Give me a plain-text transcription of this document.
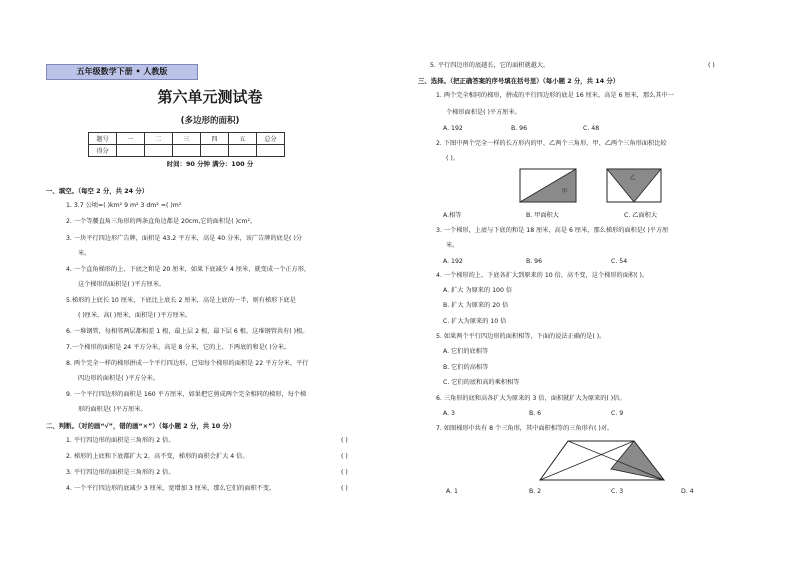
五年级数学下册 • 人教版
第六单元测试卷
(多边形的面积)
题号	一	二	三	四	五	总分
得分						
时间：90 分钟 满分：100 分
一、填空。（每空 2 分，共 24 分）
1. 3.7 公顷=( )km² 9 m² 3 dm² =( )m²
2. 一个等腰直角三角形的两条直角边都是 20cm,它的面积是( )cm²。
3. 一块平行四边形广告牌，面积是 43.2 平方米，高是 40 分米，该广告牌的底是( )分
米。
4. 一个直角梯形的上、下底之和是 20 厘米，如果下底减少 4 厘米，就变成一个正方形，
这个梯形的面积是( )平方厘米。
5.梯形的上底长 10 厘米，下底比上底长 2 厘米，高是上底的一半，则有梯形下底是
( )厘米，高( )厘米，面积是( )平方厘米。
6. 一堆钢管，每相邻两层都相差 1 根，最上层 2 根，最下层 6 根，这堆钢管共有( )根。
7.一个梯形的面积是 24 平方分米，高是 8 分米，它的上、下两底的和是( )分米。
8. 两个完全一样的梯形拼成一个平行四边形，已知每个梯形的面积是 22 平方分米，平行
四边形的面积是( )平方分米。
9. 一个平行四边形的面积是 160 平方厘米，如果把它剪成两个完全相同的梯形，每个梯
形的面积是( )平方厘米。
二、判断。（对的画“√”，错的画“×”）（每小题 2 分，共 10 分）
1. 平行四边形的面积是三角形的 2 倍。	( )
2. 梯形的上底和下底都扩大 2，高不变，梯形的面积会扩大 4 倍。	( )
3. 平行四边形的面积是三角形的 2 倍。	( )
4. 一个平行四边形的底减少 3 厘米，宽增加 3 厘米，那么它们的面积不变。	( )
5. 平行四边形的底越长，它的面积就越大。	( )
三、选择。（把正确答案的序号填在括号里）（每小题 2 分，共 14 分）
1. 两个完全相同的梯形，拼成的平行四边形的底是 16 厘米，高是 6 厘米，那么其中一
个梯形面积是( )平方厘米。
A. 192	B. 96	C. 48
2. 下图中两个完全一样的长方形内的甲、乙两个三角形，甲、乙两个三角形面积比较
( )。
甲
乙
A.相等	B. 甲面积大	C. 乙面积大
3. 一个梯形，上底与下底的和是 18 厘米，高是 6 厘米，那么梯形的面积是( )平方厘
米。
A. 192	B. 96	C. 54
4. 一个梯形的上、下底各扩大到原来的 10 倍，高不变，这个梯形的面积( )。
A. 扩大 为原来的 100 倍
B. 扩大 为原来的 20 倍
C. 扩大为原来的 10 倍
5. 如果两个平行四边形的面积相等，下面的说法正确的是( )。
A. 它们的底相等
B. 它们的高相等
C. 它们的底和高的乘积相等
6. 三角形的底和高各扩大为原来的 3 倍，面积就扩大为原来的( )倍。
A. 3	B. 6	C. 9
7. 如图梯形中共有 8 个三角形，其中面积相等的三角形有( )对。
A. 1	B. 2	C. 3	D. 4
